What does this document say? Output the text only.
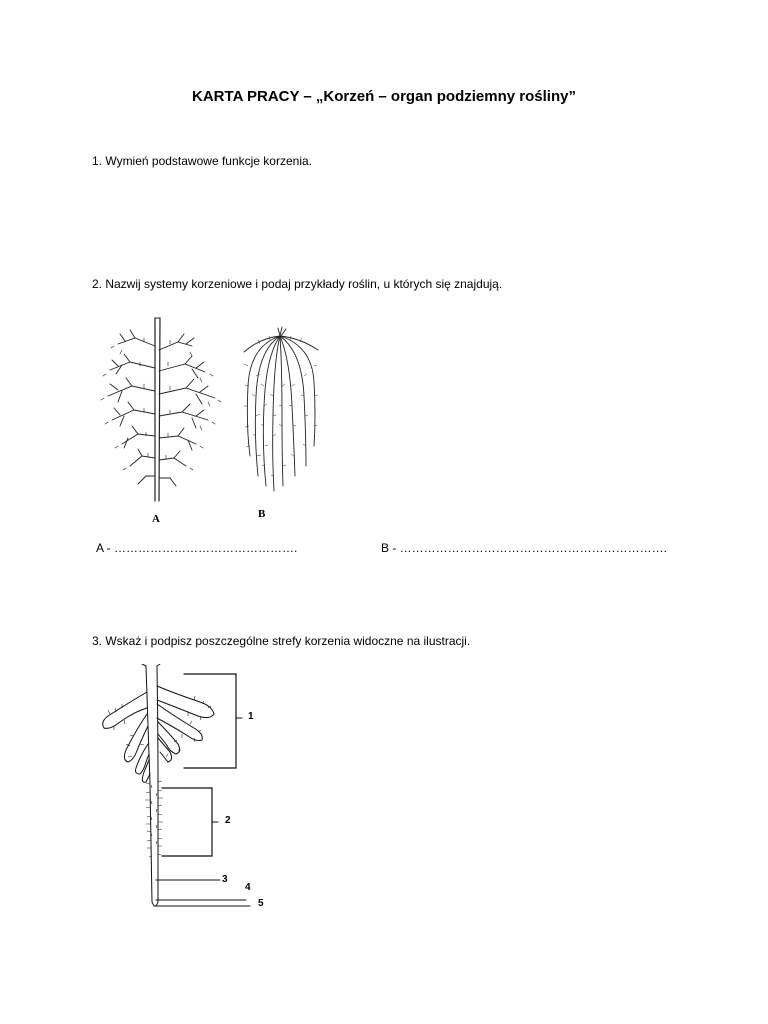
KARTA PRACY – „Korzeń – organ podziemny rośliny”
1. Wymień podstawowe funkcje korzenia.
2. Nazwij systemy korzeniowe i podaj przykłady roślin, u których się znajdują.
A	B
A - ……………………………………….	B - ………………………………………………………….
3. Wskaż i podpisz poszczególne strefy korzenia widoczne na ilustracji.
1
2
3
4
5
